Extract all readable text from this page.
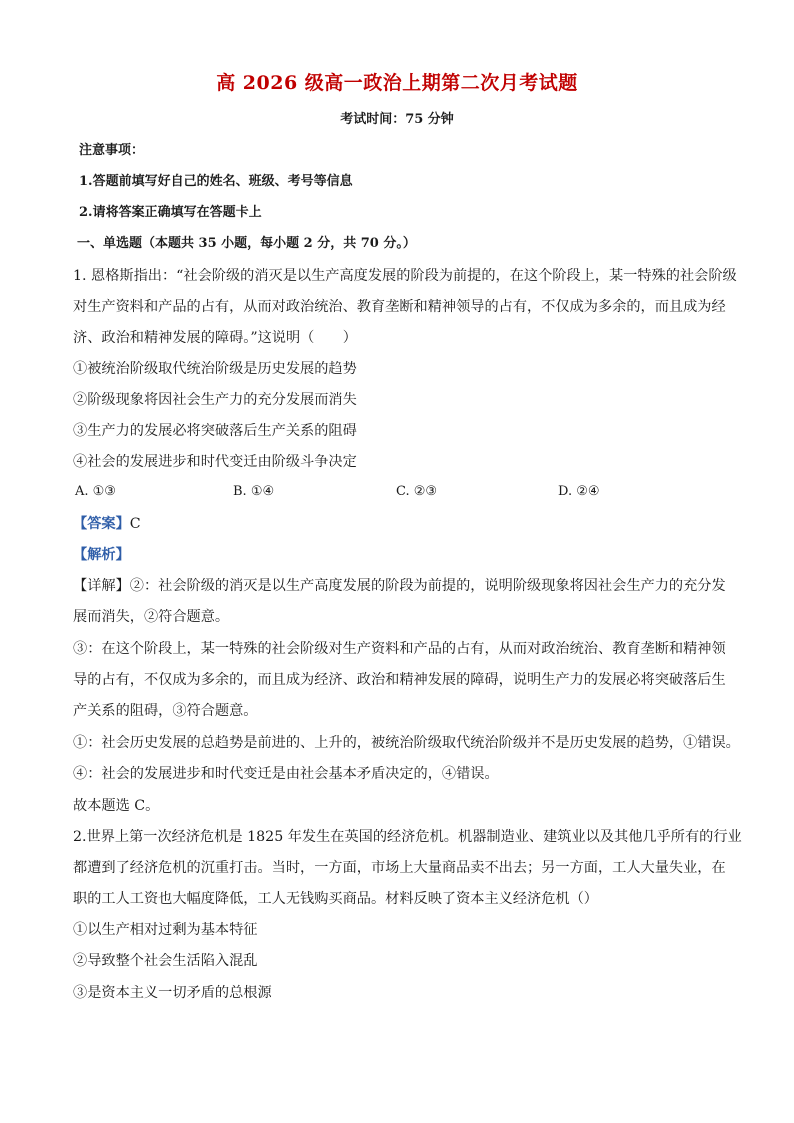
高 2026 级高一政治上期第二次月考试题
考试时间：75 分钟
注意事项：
1.答题前填写好自己的姓名、班级、考号等信息
2.请将答案正确填写在答题卡上
一、单选题（本题共 35 小题，每小题 2 分，共 70 分。）
1. 恩格斯指出：“社会阶级的消灭是以生产高度发展的阶段为前提的，在这个阶段上，某一特殊的社会阶级
对生产资料和产品的占有，从而对政治统治、教育垄断和精神领导的占有，不仅成为多余的，而且成为经
济、政治和精神发展的障碍。”这说明（　　）
①被统治阶级取代统治阶级是历史发展的趋势
②阶级现象将因社会生产力的充分发展而消失
③生产力的发展必将突破落后生产关系的阻碍
④社会的发展进步和时代变迁由阶级斗争决定
A. ①③	B. ①④	C. ②③	D. ②④
【答案】C
【解析】
【详解】②：社会阶级的消灭是以生产高度发展的阶段为前提的，说明阶级现象将因社会生产力的充分发
展而消失，②符合题意。
③：在这个阶段上，某一特殊的社会阶级对生产资料和产品的占有，从而对政治统治、教育垄断和精神领
导的占有，不仅成为多余的，而且成为经济、政治和精神发展的障碍，说明生产力的发展必将突破落后生
产关系的阻碍，③符合题意。
①：社会历史发展的总趋势是前进的、上升的，被统治阶级取代统治阶级并不是历史发展的趋势，①错误。
④：社会的发展进步和时代变迁是由社会基本矛盾决定的，④错误。
故本题选 C。
2.世界上第一次经济危机是 1825 年发生在英国的经济危机。机器制造业、建筑业以及其他几乎所有的行业
都遭到了经济危机的沉重打击。当时，一方面，市场上大量商品卖不出去；另一方面，工人大量失业，在
职的工人工资也大幅度降低，工人无钱购买商品。材料反映了资本主义经济危机（）
①以生产相对过剩为基本特征
②导致整个社会生活陷入混乱
③是资本主义一切矛盾的总根源
